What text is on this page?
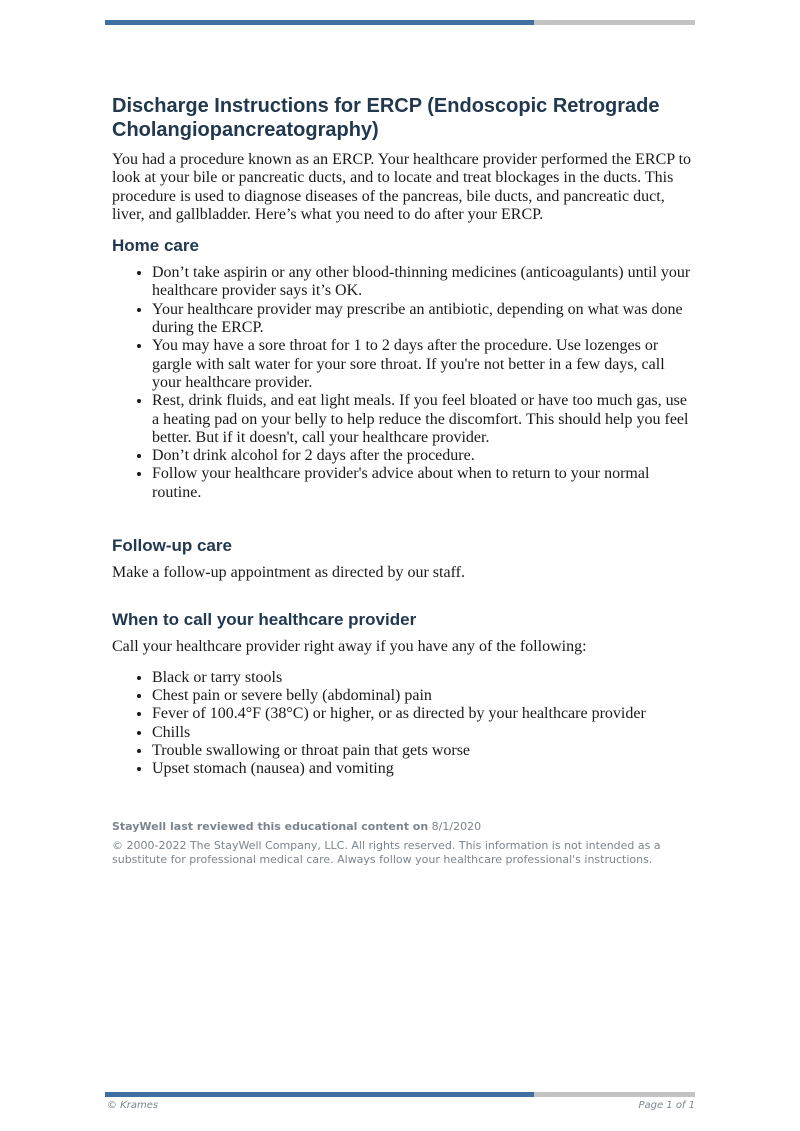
Discharge Instructions for ERCP (Endoscopic Retrograde Cholangiopancreatography)

You had a procedure known as an ERCP. Your healthcare provider performed the ERCP to look at your bile or pancreatic ducts, and to locate and treat blockages in the ducts. This procedure is used to diagnose diseases of the pancreas, bile ducts, and pancreatic duct, liver, and gallbladder. Here’s what you need to do after your ERCP.

Home care
• Don’t take aspirin or any other blood-thinning medicines (anticoagulants) until your healthcare provider says it’s OK.
• Your healthcare provider may prescribe an antibiotic, depending on what was done during the ERCP.
• You may have a sore throat for 1 to 2 days after the procedure. Use lozenges or gargle with salt water for your sore throat. If you're not better in a few days, call your healthcare provider.
• Rest, drink fluids, and eat light meals. If you feel bloated or have too much gas, use a heating pad on your belly to help reduce the discomfort. This should help you feel better. But if it doesn't, call your healthcare provider.
• Don’t drink alcohol for 2 days after the procedure.
• Follow your healthcare provider's advice about when to return to your normal routine.
Follow-up care

Make a follow-up appointment as directed by our staff.

When to call your healthcare provider

Call your healthcare provider right away if you have any of the following:

• Black or tarry stools
• Chest pain or severe belly (abdominal) pain
• Fever of 100.4°F (38°C) or higher, or as directed by your healthcare provider
• Chills
• Trouble swallowing or throat pain that gets worse
• Upset stomach (nausea) and vomiting
StayWell last reviewed this educational content on 8/1/2020
© 2000-2022 The StayWell Company, LLC. All rights reserved. This information is not intended as a substitute for professional medical care. Always follow your healthcare professional's instructions.
© Krames	Page 1 of 1
